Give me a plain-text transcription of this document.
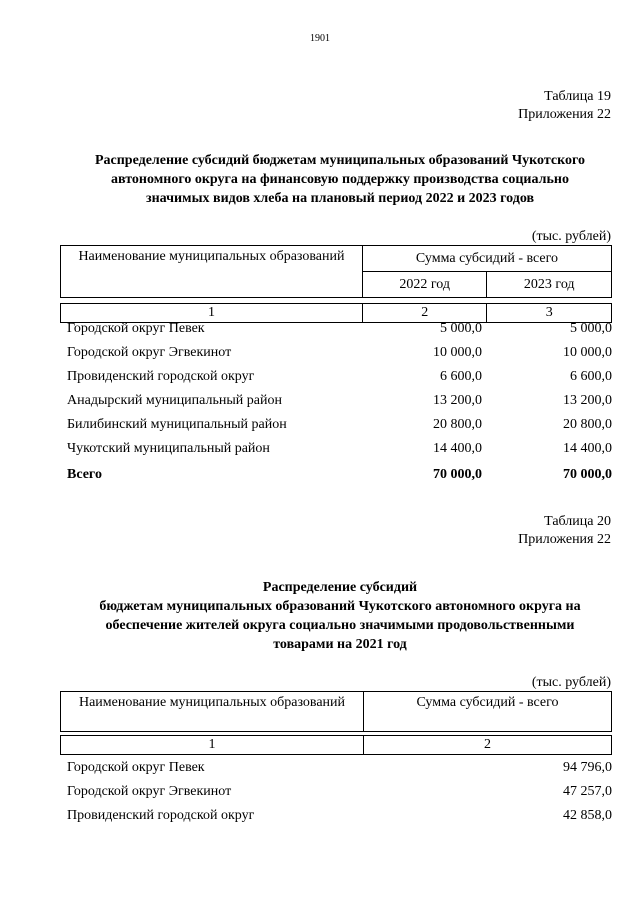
1901
Таблица 19
Приложения 22
Распределение субсидий бюджетам муниципальных образований Чукотского
автономного округа на финансовую поддержку производства социально
значимых видов хлеба на плановый период 2022 и 2023 годов
(тыс. рублей)
Наименование муниципальных образований	Сумма субсидий - всего	
	2022 год	2023 год

1	2	3
Городской округ Певек	5 000,0	5 000,0
Городской округ Эгвекинот	10 000,0	10 000,0
Провиденский городской округ	6 600,0	6 600,0
Анадырский муниципальный район	13 200,0	13 200,0
Билибинский муниципальный район	20 800,0	20 800,0
Чукотский муниципальный район	14 400,0	14 400,0
Всего	70 000,0	70 000,0
Таблица 20
Приложения 22
Распределение субсидий
бюджетам муниципальных образований Чукотского автономного округа на
обеспечение жителей округа социально значимыми продовольственными
товарами на 2021 год
(тыс. рублей)
Наименование муниципальных образований	Сумма субсидий - всего

1	2
Городской округ Певек	94 796,0
Городской округ Эгвекинот	47 257,0
Провиденский городской округ	42 858,0
